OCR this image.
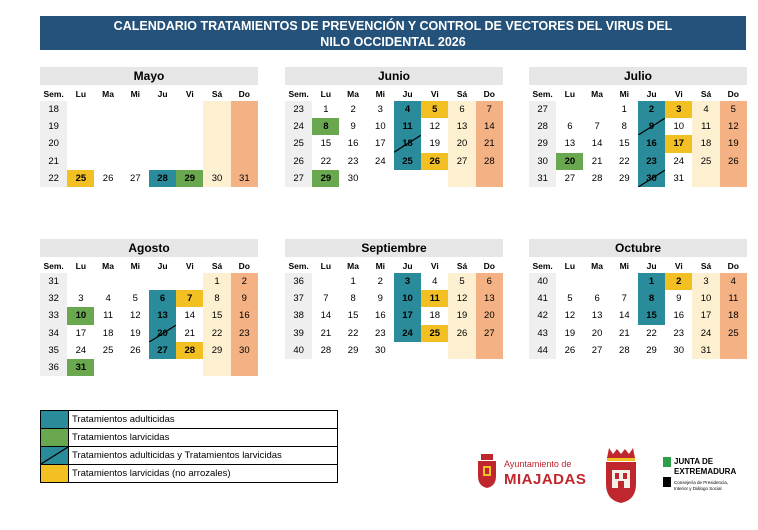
CALENDARIO TRATAMIENTOS DE PREVENCIÓN Y CONTROL DE VECTORES DEL VIRUS DEL
NILO OCCIDENTAL 2026
Mayo
Sem.	Lu	Ma	Mi	Ju	Vi	Sá	Do
18							
19							
20							
21							
22	25	26	27	28	29	30	31
Junio
Sem.	Lu	Ma	Mi	Ju	Vi	Sá	Do
23	1	2	3	4	5	6	7
24	8	9	10	11	12	13	14
25	15	16	17	18	19	20	21
26	22	23	24	25	26	27	28
27	29	30					
Julio
Sem.	Lu	Ma	Mi	Ju	Vi	Sá	Do
27			1	2	3	4	5
28	6	7	8	9	10	11	12
29	13	14	15	16	17	18	19
30	20	21	22	23	24	25	26
31	27	28	29	30	31		
Agosto
Sem.	Lu	Ma	Mi	Ju	Vi	Sá	Do
31						1	2
32	3	4	5	6	7	8	9
33	10	11	12	13	14	15	16
34	17	18	19	20	21	22	23
35	24	25	26	27	28	29	30
36	31						
Septiembre
Sem.	Lu	Ma	Mi	Ju	Vi	Sá	Do
36		1	2	3	4	5	6
37	7	8	9	10	11	12	13
38	14	15	16	17	18	19	20
39	21	22	23	24	25	26	27
40	28	29	30				
Octubre
Sem.	Lu	Ma	Mi	Ju	Vi	Sá	Do
40				1	2	3	4
41	5	6	7	8	9	10	11
42	12	13	14	15	16	17	18
43	19	20	21	22	23	24	25
44	26	27	28	29	30	31	
Tratamientos adulticidas
Tratamientos larvicidas
Tratamientos adulticidas y Tratamientos larvicidas
Tratamientos larvicidas (no arrozales)
Ayuntamiento de
MIAJADAS
JUNTA DE
EXTREMADURA
Consejería de Presidencia,
Interior y Diálogo Social
